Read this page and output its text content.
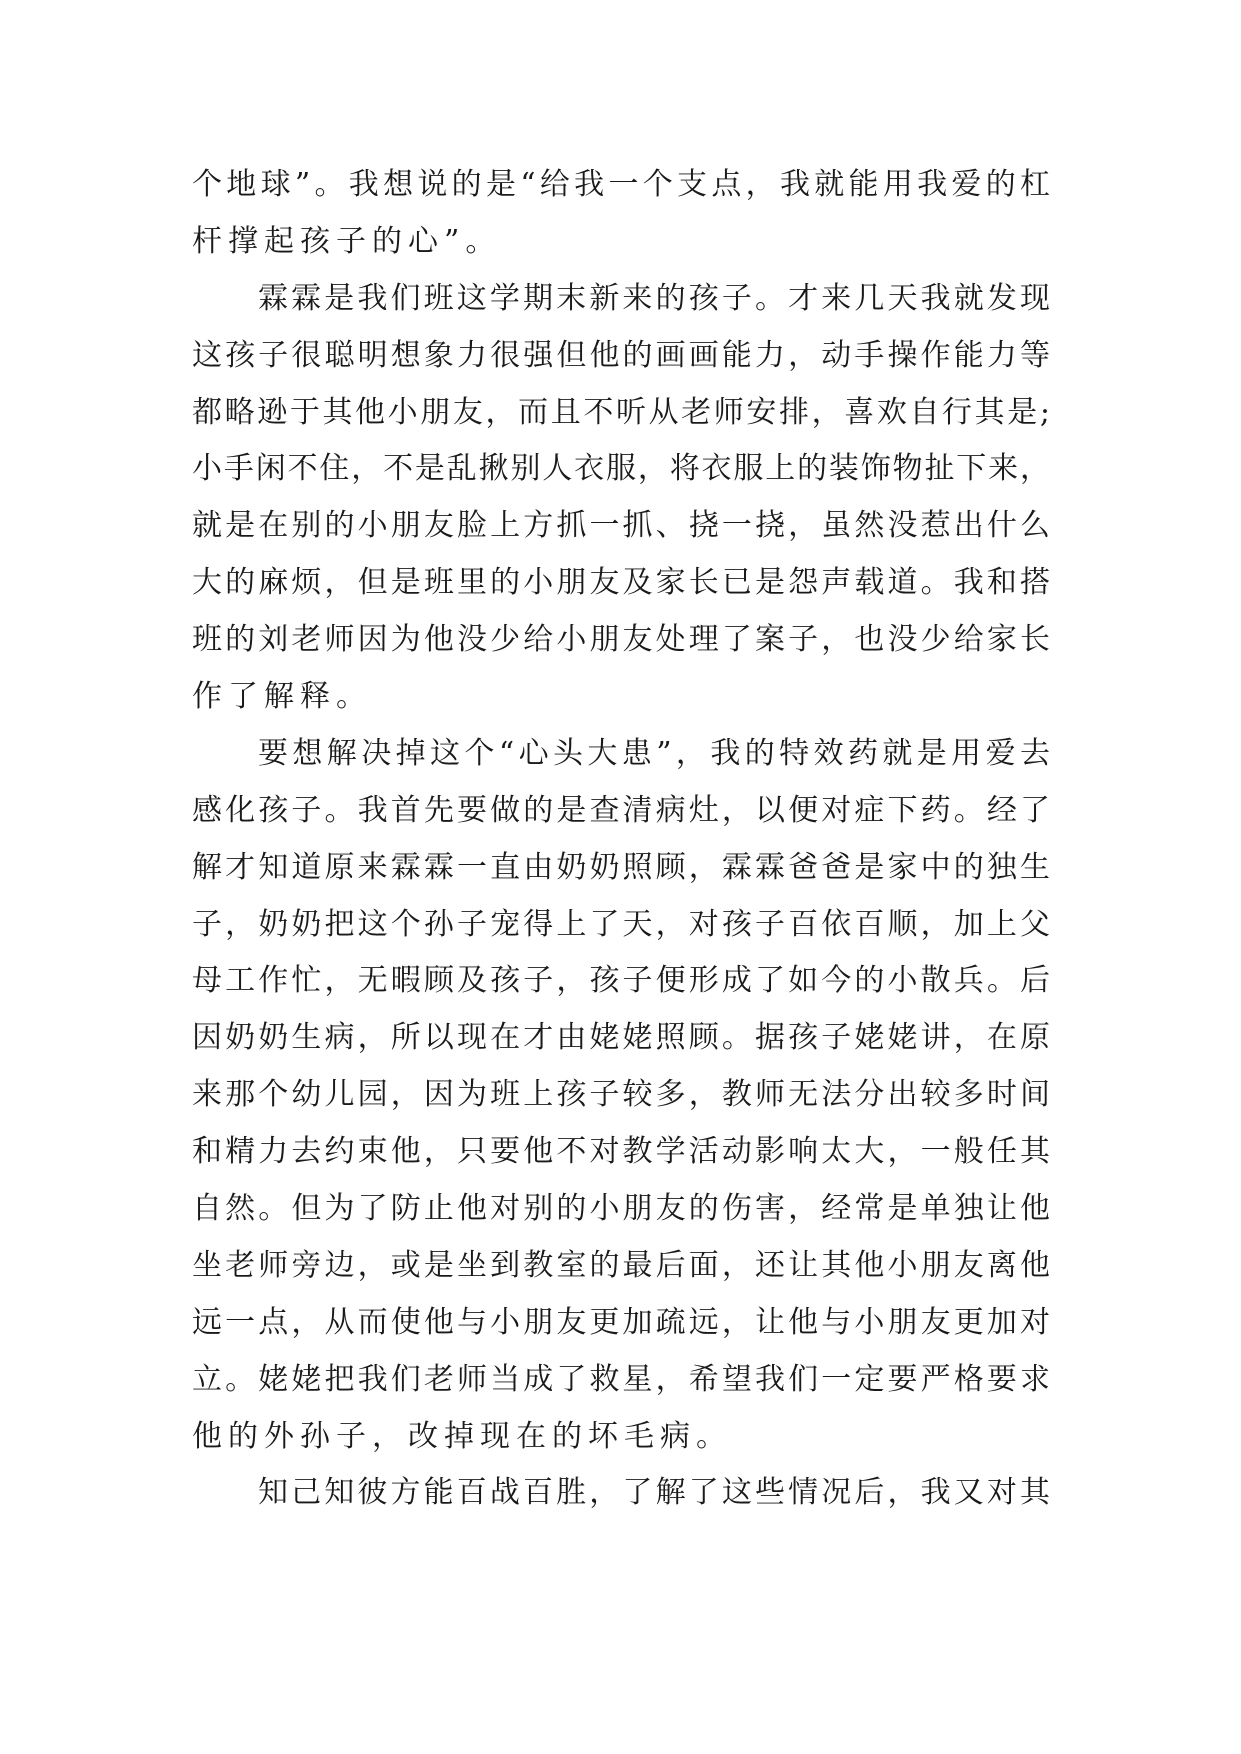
个地球”。我想说的是“给我一个支点，我就能用我爱的杠
杆撑起孩子的心”。
霖霖是我们班这学期末新来的孩子。才来几天我就发现
这孩子很聪明想象力很强但他的画画能力，动手操作能力等
都略逊于其他小朋友，而且不听从老师安排，喜欢自行其是;
小手闲不住，不是乱揪别人衣服，将衣服上的装饰物扯下来，
就是在别的小朋友脸上方抓一抓、挠一挠，虽然没惹出什么
大的麻烦，但是班里的小朋友及家长已是怨声载道。我和搭
班的刘老师因为他没少给小朋友处理了案子，也没少给家长
作了解释。
要想解决掉这个“心头大患”，我的特效药就是用爱去
感化孩子。我首先要做的是查清病灶，以便对症下药。经了
解才知道原来霖霖一直由奶奶照顾，霖霖爸爸是家中的独生
子，奶奶把这个孙子宠得上了天，对孩子百依百顺，加上父
母工作忙，无暇顾及孩子，孩子便形成了如今的小散兵。后
因奶奶生病，所以现在才由姥姥照顾。据孩子姥姥讲，在原
来那个幼儿园，因为班上孩子较多，教师无法分出较多时间
和精力去约束他，只要他不对教学活动影响太大，一般任其
自然。但为了防止他对别的小朋友的伤害，经常是单独让他
坐老师旁边，或是坐到教室的最后面，还让其他小朋友离他
远一点，从而使他与小朋友更加疏远，让他与小朋友更加对
立。姥姥把我们老师当成了救星，希望我们一定要严格要求
他的外孙子，改掉现在的坏毛病。
知己知彼方能百战百胜，了解了这些情况后，我又对其
